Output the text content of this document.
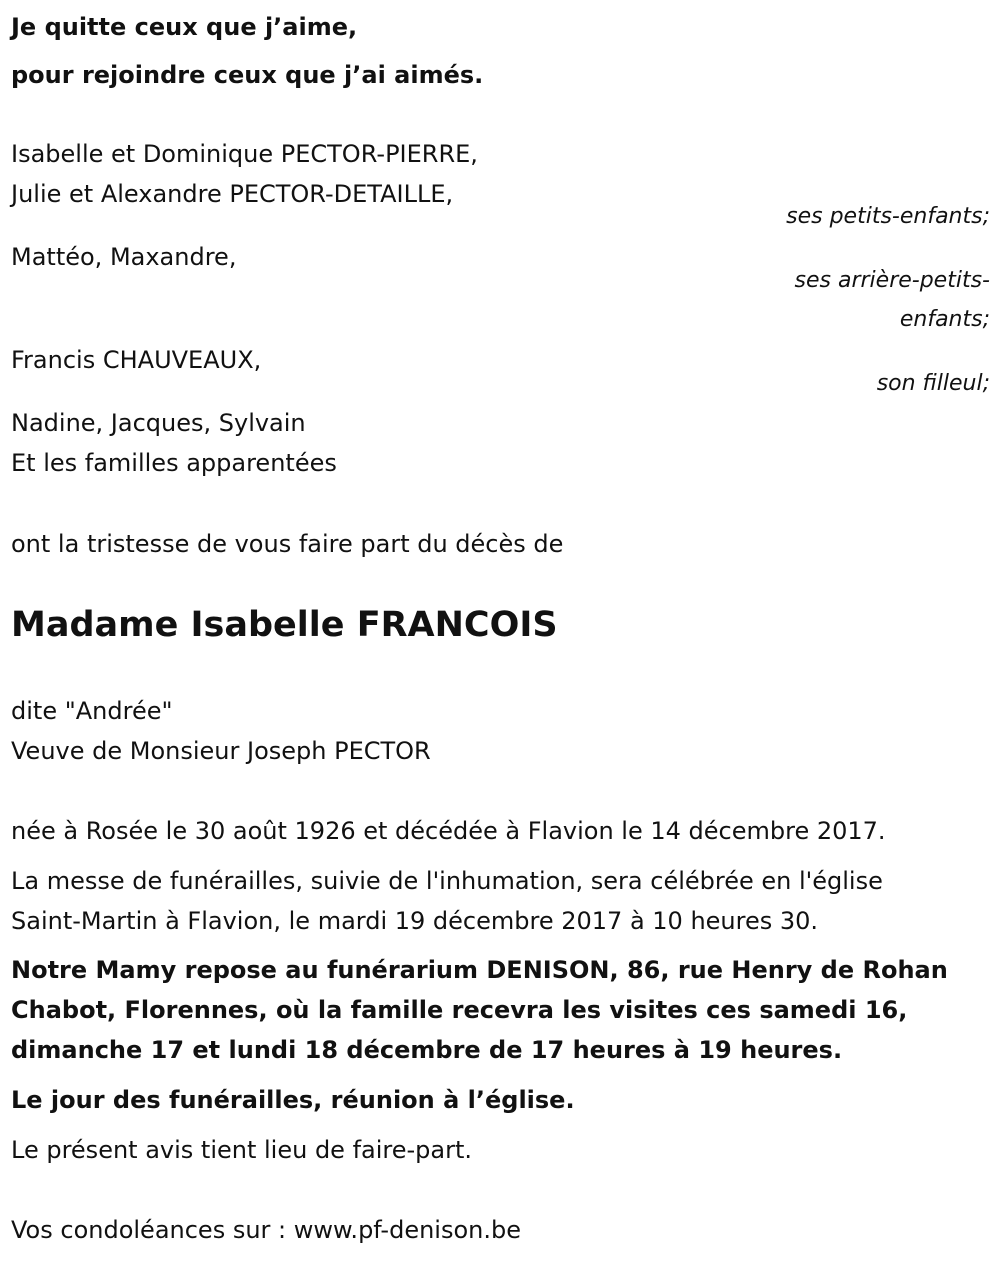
Je quitte ceux que j’aime,

pour rejoindre ceux que j’ai aimés.

Isabelle et Dominique PECTOR-PIERRE,

Julie et Alexandre PECTOR-DETAILLE,

ses petits-enfants;

Mattéo, Maxandre,

ses arrière-petits-

enfants;

Francis CHAUVEAUX,

son filleul;

Nadine, Jacques, Sylvain

Et les familles apparentées

ont la tristesse de vous faire part du décès de

Madame Isabelle FRANCOIS

dite "Andrée"

Veuve de Monsieur Joseph PECTOR

née à Rosée le 30 août 1926 et décédée à Flavion le 14 décembre 2017.

La messe de funérailles, suivie de l'inhumation, sera célébrée en l'église

Saint-Martin à Flavion, le mardi 19 décembre 2017 à 10 heures 30.

Notre Mamy repose au funérarium DENISON, 86, rue Henry de Rohan

Chabot, Florennes, où la famille recevra les visites ces samedi 16,

dimanche 17 et lundi 18 décembre de 17 heures à 19 heures.

Le jour des funérailles, réunion à l’église.

Le présent avis tient lieu de faire-part.

Vos condoléances sur : www.pf-denison.be
